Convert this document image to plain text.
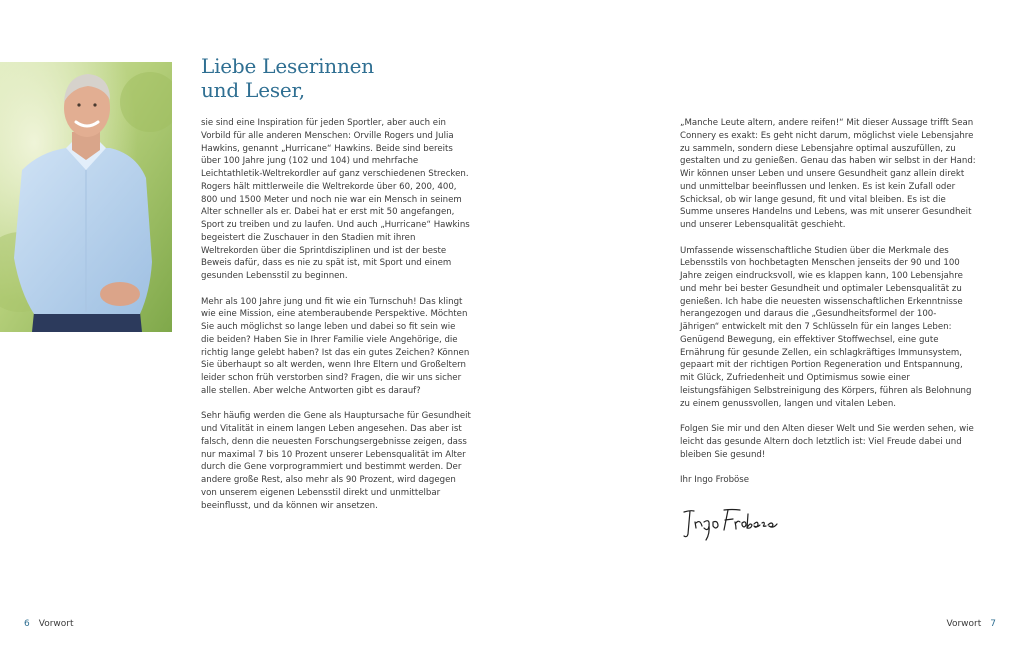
Liebe Leserinnen
und Leser,

sie sind eine Inspiration für jeden Sportler, aber auch ein Vorbild für alle anderen Menschen: Orville Rogers und Julia Hawkins, genannt „Hurricane“ Hawkins. Beide sind bereits über 100 Jahre jung (102 und 104) und mehrfache Leichtathletik-Weltrekordler auf ganz verschiedenen Strecken. Rogers hält mittlerweile die Weltrekorde über 60, 200, 400, 800 und 1500 Meter und noch nie war ein Mensch in seinem Alter schneller als er. Dabei hat er erst mit 50 angefangen, Sport zu treiben und zu laufen. Und auch „Hurricane“ Hawkins begeistert die Zuschauer in den Stadien mit ihren Weltrekorden über die Sprintdisziplinen und ist der beste Beweis dafür, dass es nie zu spät ist, mit Sport und einem gesunden Lebensstil zu beginnen.

Mehr als 100 Jahre jung und fit wie ein Turnschuh! Das klingt wie eine Mission, eine atemberaubende Perspektive. Möchten Sie auch möglichst so lange leben und dabei so fit sein wie die beiden? Haben Sie in Ihrer Familie viele Angehörige, die richtig lange gelebt haben? Ist das ein gutes Zeichen? Können Sie überhaupt so alt werden, wenn Ihre Eltern und Großeltern leider schon früh verstorben sind? Fragen, die wir uns sicher alle stellen. Aber welche Antworten gibt es darauf?

Sehr häufig werden die Gene als Hauptursache für Gesundheit und Vitalität in einem langen Leben angesehen. Das aber ist falsch, denn die neuesten Forschungsergebnisse zeigen, dass nur maximal 7 bis 10 Prozent unserer Lebensqualität im Alter durch die Gene vorprogrammiert und bestimmt werden. Der andere große Rest, also mehr als 90 Prozent, wird dagegen von unserem eigenen Lebensstil direkt und unmittelbar beeinflusst, und da können wir ansetzen.

6 Vorwort

„Manche Leute altern, andere reifen!“ Mit dieser Aussage trifft Sean Connery es exakt: Es geht nicht darum, möglichst viele Lebensjahre zu sammeln, sondern diese Lebensjahre optimal auszufüllen, zu gestalten und zu genießen. Genau das haben wir selbst in der Hand: Wir können unser Leben und unsere Gesundheit ganz allein direkt und unmittelbar beeinflussen und lenken. Es ist kein Zufall oder Schicksal, ob wir lange gesund, fit und vital bleiben. Es ist die Summe unseres Handelns und Lebens, was mit unserer Gesundheit und unserer Lebensqualität geschieht.

Umfassende wissenschaftliche Studien über die Merkmale des Lebensstils von hochbetagten Menschen jenseits der 90 und 100 Jahre zeigen eindrucksvoll, wie es klappen kann, 100 Lebensjahre und mehr bei bester Gesundheit und optimaler Lebensqualität zu genießen. Ich habe die neuesten wissenschaftlichen Erkenntnisse herangezogen und daraus die „Gesundheitsformel der 100-Jährigen“ entwickelt mit den 7 Schlüsseln für ein langes Leben: Genügend Bewegung, ein effektiver Stoffwechsel, eine gute Ernährung für gesunde Zellen, ein schlagkräftiges Immunsystem, gepaart mit der richtigen Portion Regeneration und Entspannung, mit Glück, Zufriedenheit und Optimismus sowie einer leistungsfähigen Selbstreinigung des Körpers, führen als Belohnung zu einem genussvollen, langen und vitalen Leben.

Folgen Sie mir und den Alten dieser Welt und Sie werden sehen, wie leicht das gesunde Altern doch letztlich ist: Viel Freude dabei und bleiben Sie gesund!

Ihr Ingo Froböse

Vorwort 7
